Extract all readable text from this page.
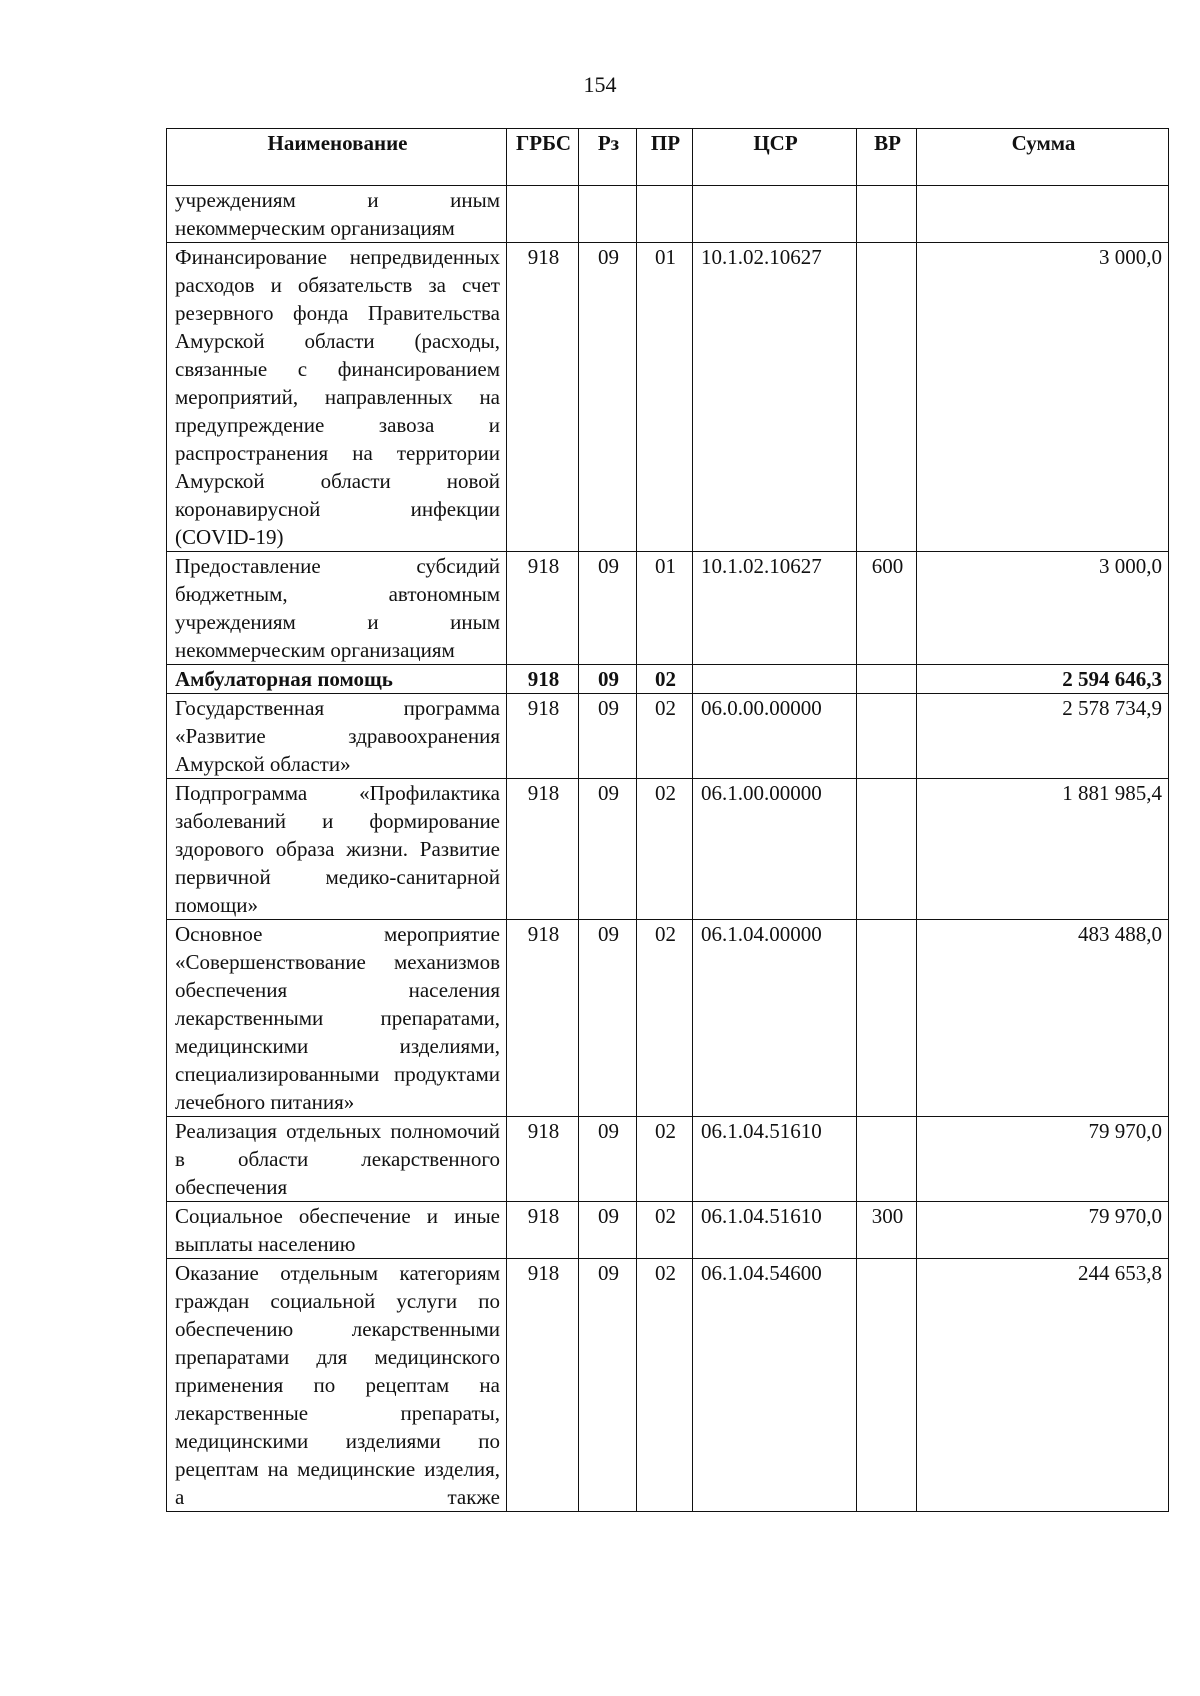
154
Наименование	ГРБС	Рз	ПР	ЦСР	ВР	Сумма
учреждениям и иным некоммерческим организациям						
Финансирование непредвиденных расходов и обязательств за счет резервного фонда Правительства Амурской области (расходы, связанные с финансированием мероприятий, направленных на предупреждение завоза и распространения на территории Амурской области новой коронавирусной инфекции (COVID-19)	918	09	01	10.1.02.10627		3 000,0
Предоставление субсидий бюджетным, автономным учреждениям и иным некоммерческим организациям	918	09	01	10.1.02.10627	600	3 000,0
Амбулаторная помощь	918	09	02			2 594 646,3
Государственная программа «Развитие здравоохранения Амурской области»	918	09	02	06.0.00.00000		2 578 734,9
Подпрограмма «Профилактика заболеваний и формирование здорового образа жизни. Развитие первичной медико-санитарной помощи»	918	09	02	06.1.00.00000		1 881 985,4
Основное мероприятие «Совершенствование механизмов обеспечения населения лекарственными препаратами, медицинскими изделиями, специализированными продуктами лечебного питания»	918	09	02	06.1.04.00000		483 488,0
Реализация отдельных полномочий в области лекарственного обеспечения	918	09	02	06.1.04.51610		79 970,0
Социальное обеспечение и иные выплаты населению	918	09	02	06.1.04.51610	300	79 970,0
Оказание отдельным категориям граждан социальной услуги по обеспечению лекарственными препаратами для медицинского применения по рецептам на лекарственные препараты, медицинскими изделиями по рецептам на медицинские изделия, а также	918	09	02	06.1.04.54600		244 653,8
